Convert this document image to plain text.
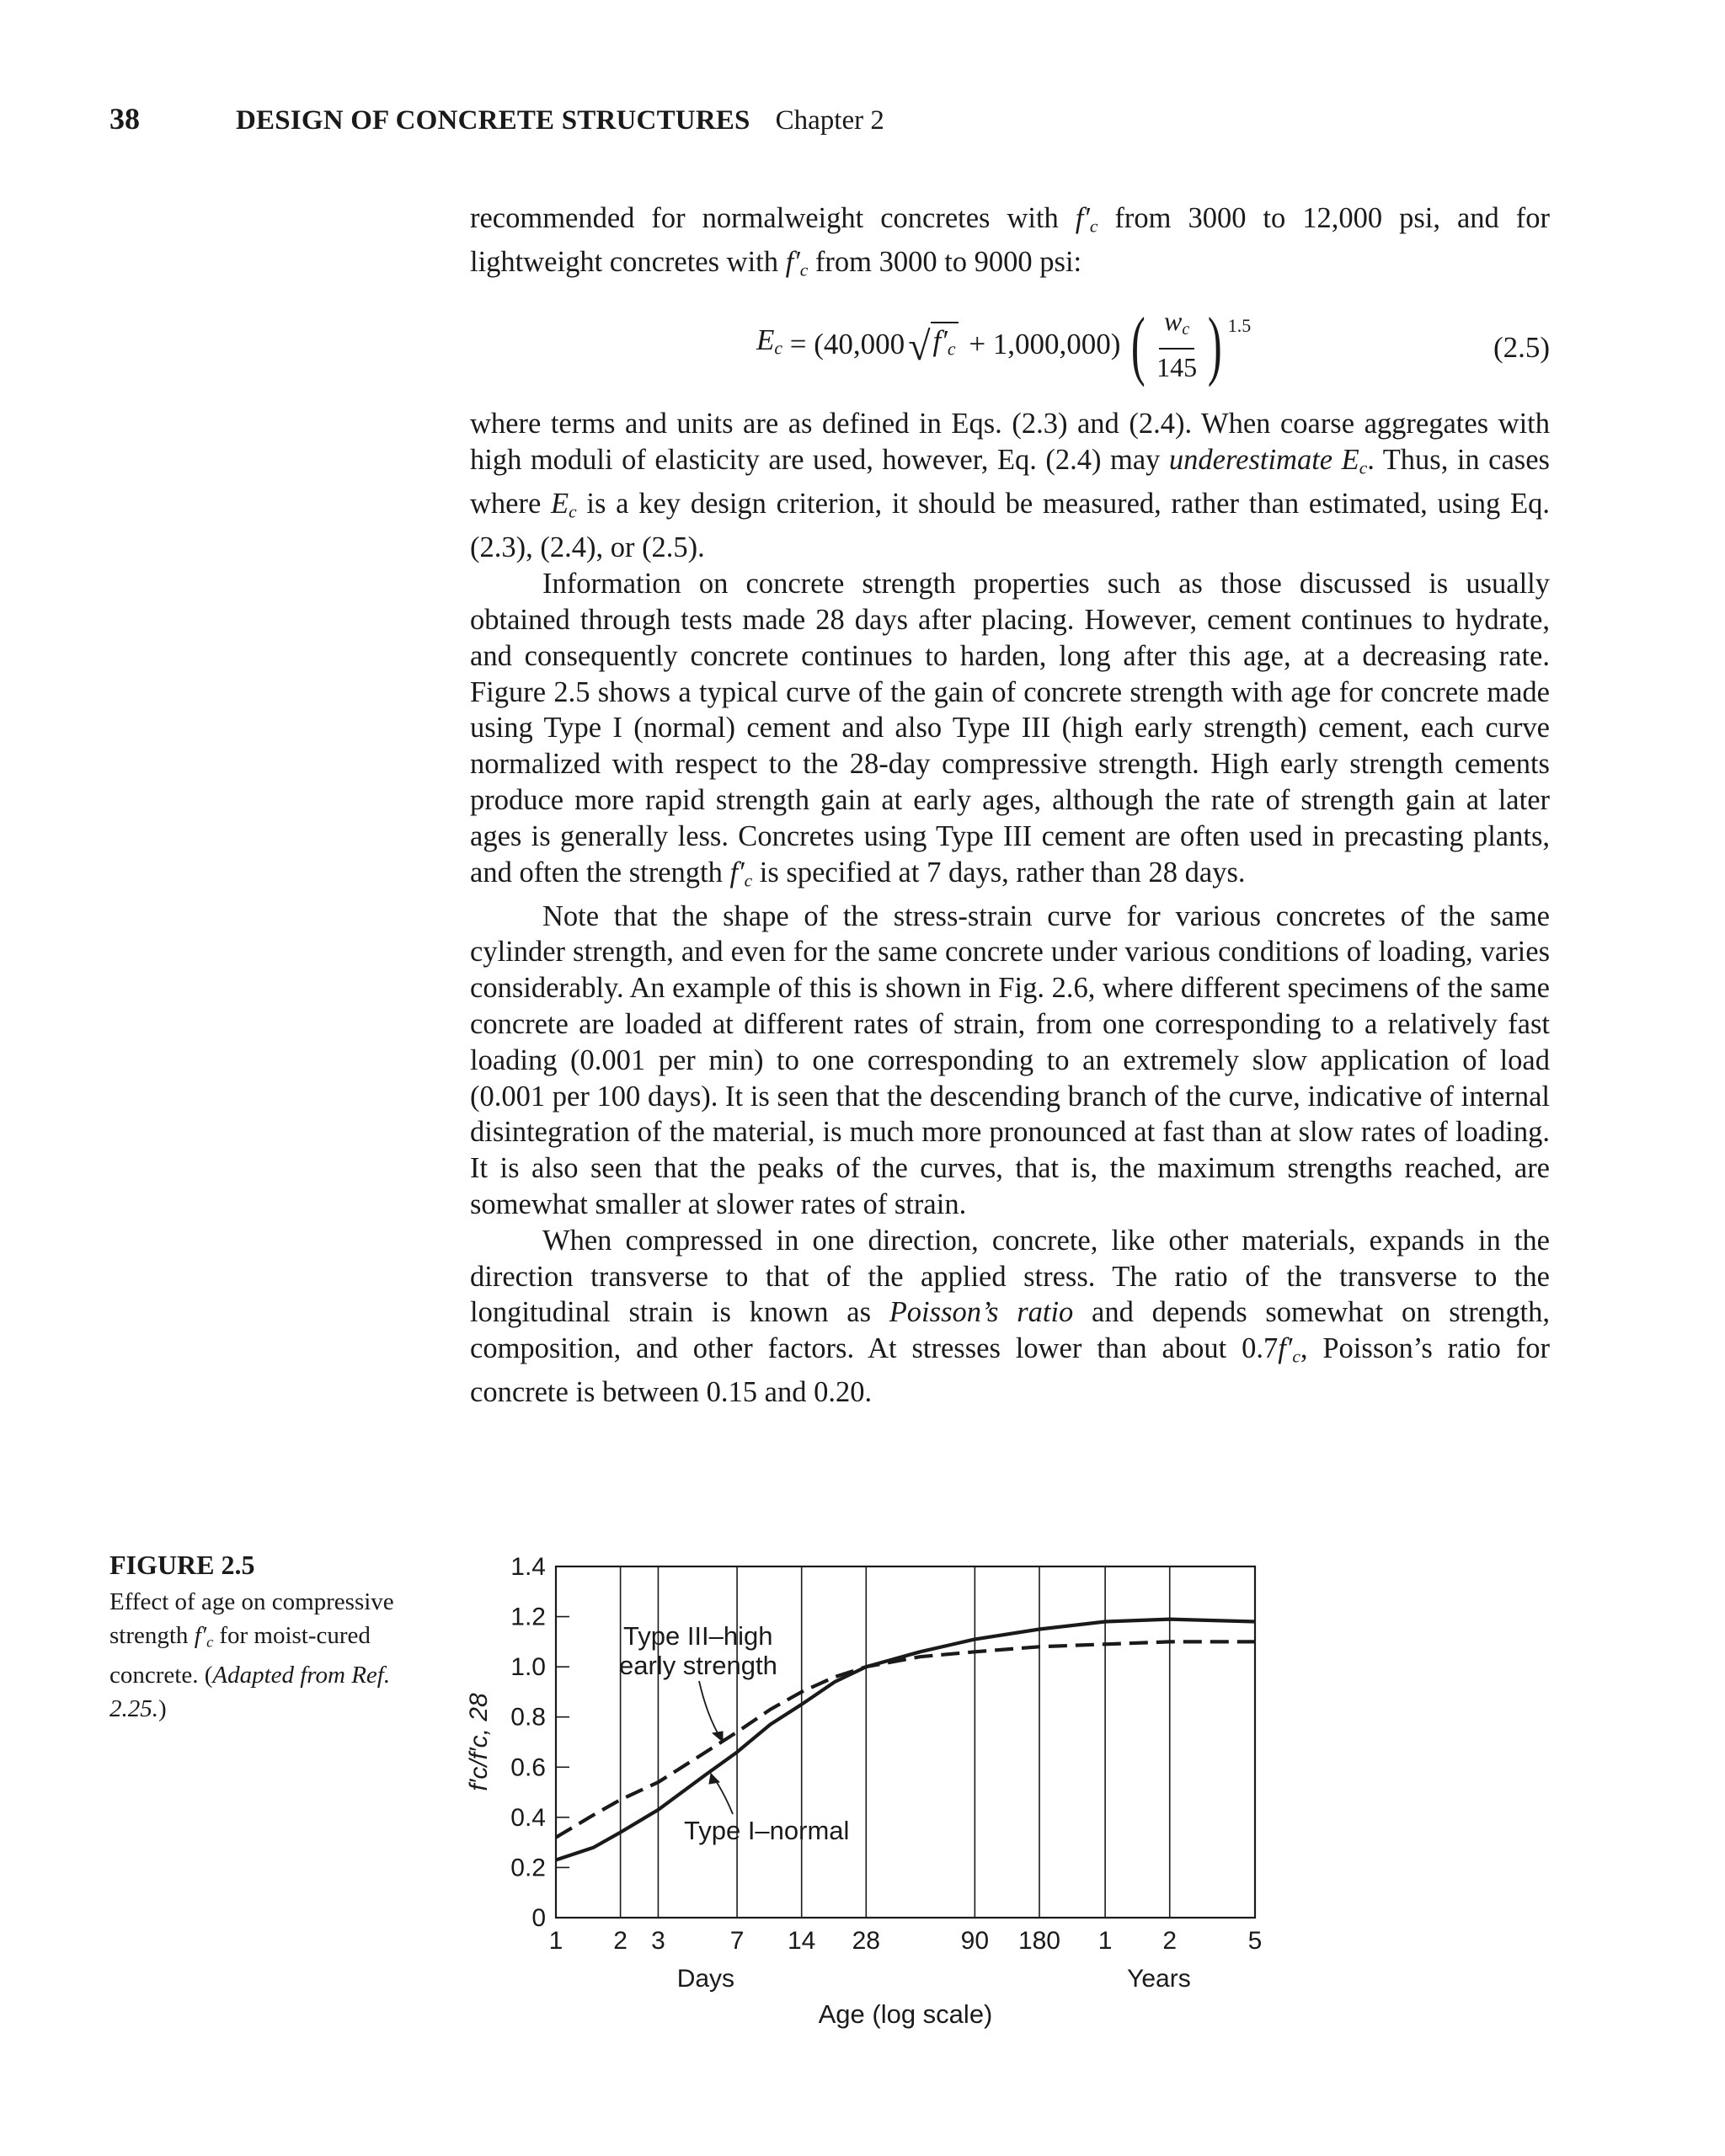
38	DESIGN OF CONCRETE STRUCTURES Chapter 2

recommended for normalweight concretes with $f'_c$ from 3000 to 12,000 psi, and for lightweight concretes with $f'_c$ from 3000 to 9000 psi:

$E_c = (40,000$ √ $f'_c + 1,000,000$) ( $\frac{w_c}{145}$ ) 1.5
(2.5)

where terms and units are as defined in Eqs. (2.3) and (2.4). When coarse aggregates with high moduli of elasticity are used, however, Eq. (2.4) may underestimate $E_c$. Thus, in cases where $E_c$ is a key design criterion, it should be measured, rather than estimated, using Eq. (2.3), (2.4), or (2.5).

Information on concrete strength properties such as those discussed is usually obtained through tests made 28 days after placing. However, cement continues to hydrate, and consequently concrete continues to harden, long after this age, at a decreasing rate. Figure 2.5 shows a typical curve of the gain of concrete strength with age for concrete made using Type I (normal) cement and also Type III (high early strength) cement, each curve normalized with respect to the 28-day compressive strength. High early strength cements produce more rapid strength gain at early ages, although the rate of strength gain at later ages is generally less. Concretes using Type III cement are often used in precasting plants, and often the strength $f'_c$ is specified at 7 days, rather than 28 days.

Note that the shape of the stress-strain curve for various concretes of the same cylinder strength, and even for the same concrete under various conditions of loading, varies considerably. An example of this is shown in Fig. 2.6, where different specimens of the same concrete are loaded at different rates of strain, from one corresponding to a relatively fast loading (0.001 per min) to one corresponding to an extremely slow application of load (0.001 per 100 days). It is seen that the descending branch of the curve, indicative of internal disintegration of the material, is much more pronounced at fast than at slow rates of loading. It is also seen that the peaks of the curves, that is, the maximum strengths reached, are somewhat smaller at slower rates of strain.

When compressed in one direction, concrete, like other materials, expands in the direction transverse to that of the applied stress. The ratio of the transverse to the longitudinal strain is known as Poisson’s ratio and depends somewhat on strength, composition, and other factors. At stresses lower than about $0.7f'_c$, Poisson’s ratio for concrete is between 0.15 and 0.20.

FIGURE 2.5
Effect of age on compressive strength $f'_c$ for moist-cured concrete. (Adapted from Ref. 2.25.)
1 2 3	7 14 28	90 180 1 2	5
0
0.2
0.4
0.6
0.8
1.0
1.2
1.4
Type III–high
early strength
Type I–normal
Days	Years
Age (log scale)
f′c/f′c, 28
